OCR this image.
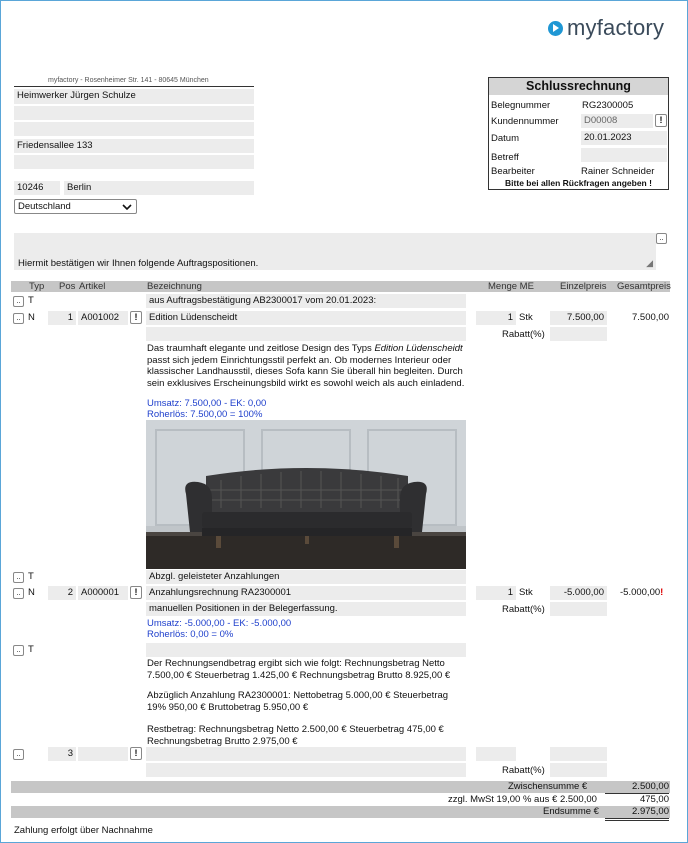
myfactory
myfactory - Rosenheimer Str. 141 - 80645 München
Heimwerker Jürgen Schulze
Friedensallee 133
10246	Berlin
Deutschland
Schlussrechnung
Belegnummer	RG2300005
Kundennummer	D00008	!
Datum	20.01.2023
Betreff
Bearbeiter	Rainer Schneider
Bitte bei allen Rückfragen angeben !
Hiermit bestätigen wir Ihnen folgende Auftragspositionen.	◢
..
Typ Pos Artikel	Bezeichnung	Menge ME	Einzelpreis Gesamtpreis
.. T	aus Auftragsbestätigung AB2300017 vom 20.01.2023:
.. N	1 A001002	!	Edition Lüdenscheidt	1 Stk	7.500,00	7.500,00
Rabatt(%)
Das traumhaft elegante und zeitlose Design des Typs Edition Lüdenscheidt passt sich jedem Einrichtungsstil perfekt an. Ob modernes Interieur oder klassischer Landhausstil, dieses Sofa kann Sie überall hin begleiten. Durch sein exklusives Erscheinungsbild wirkt es sowohl weich als auch einladend.
Umsatz: 7.500,00 - EK: 0,00
Roherlös: 7.500,00 = 100%
.. T	Abzgl. geleisteter Anzahlungen
.. N	2 A000001	!	Anzahlungsrechnung RA2300001	1 Stk	-5.000,00	-5.000,00!
manuellen Positionen in der Belegerfassung.	Rabatt(%)
Umsatz: -5.000,00 - EK: -5.000,00
Roherlös: 0,00 = 0%
.. T
Der Rechnungsendbetrag ergibt sich wie folgt: Rechnungsbetrag Netto 7.500,00 € Steuerbetrag 1.425,00 € Rechnungsbetrag Brutto 8.925,00 €
Abzüglich Anzahlung RA2300001: Nettobetrag 5.000,00 € Steuerbetrag 19% 950,00 € Bruttobetrag 5.950,00 €
Restbetrag: Rechnungsbetrag Netto 2.500,00 € Steuerbetrag 475,00 € Rechnungsbetrag Brutto 2.975,00 €
..	3	!
Rabatt(%)
Zwischensumme €	2.500,00
zzgl. MwSt 19,00 % aus € 2.500,00	475,00
Endsumme €	2.975,00
Zahlung erfolgt über Nachnahme
